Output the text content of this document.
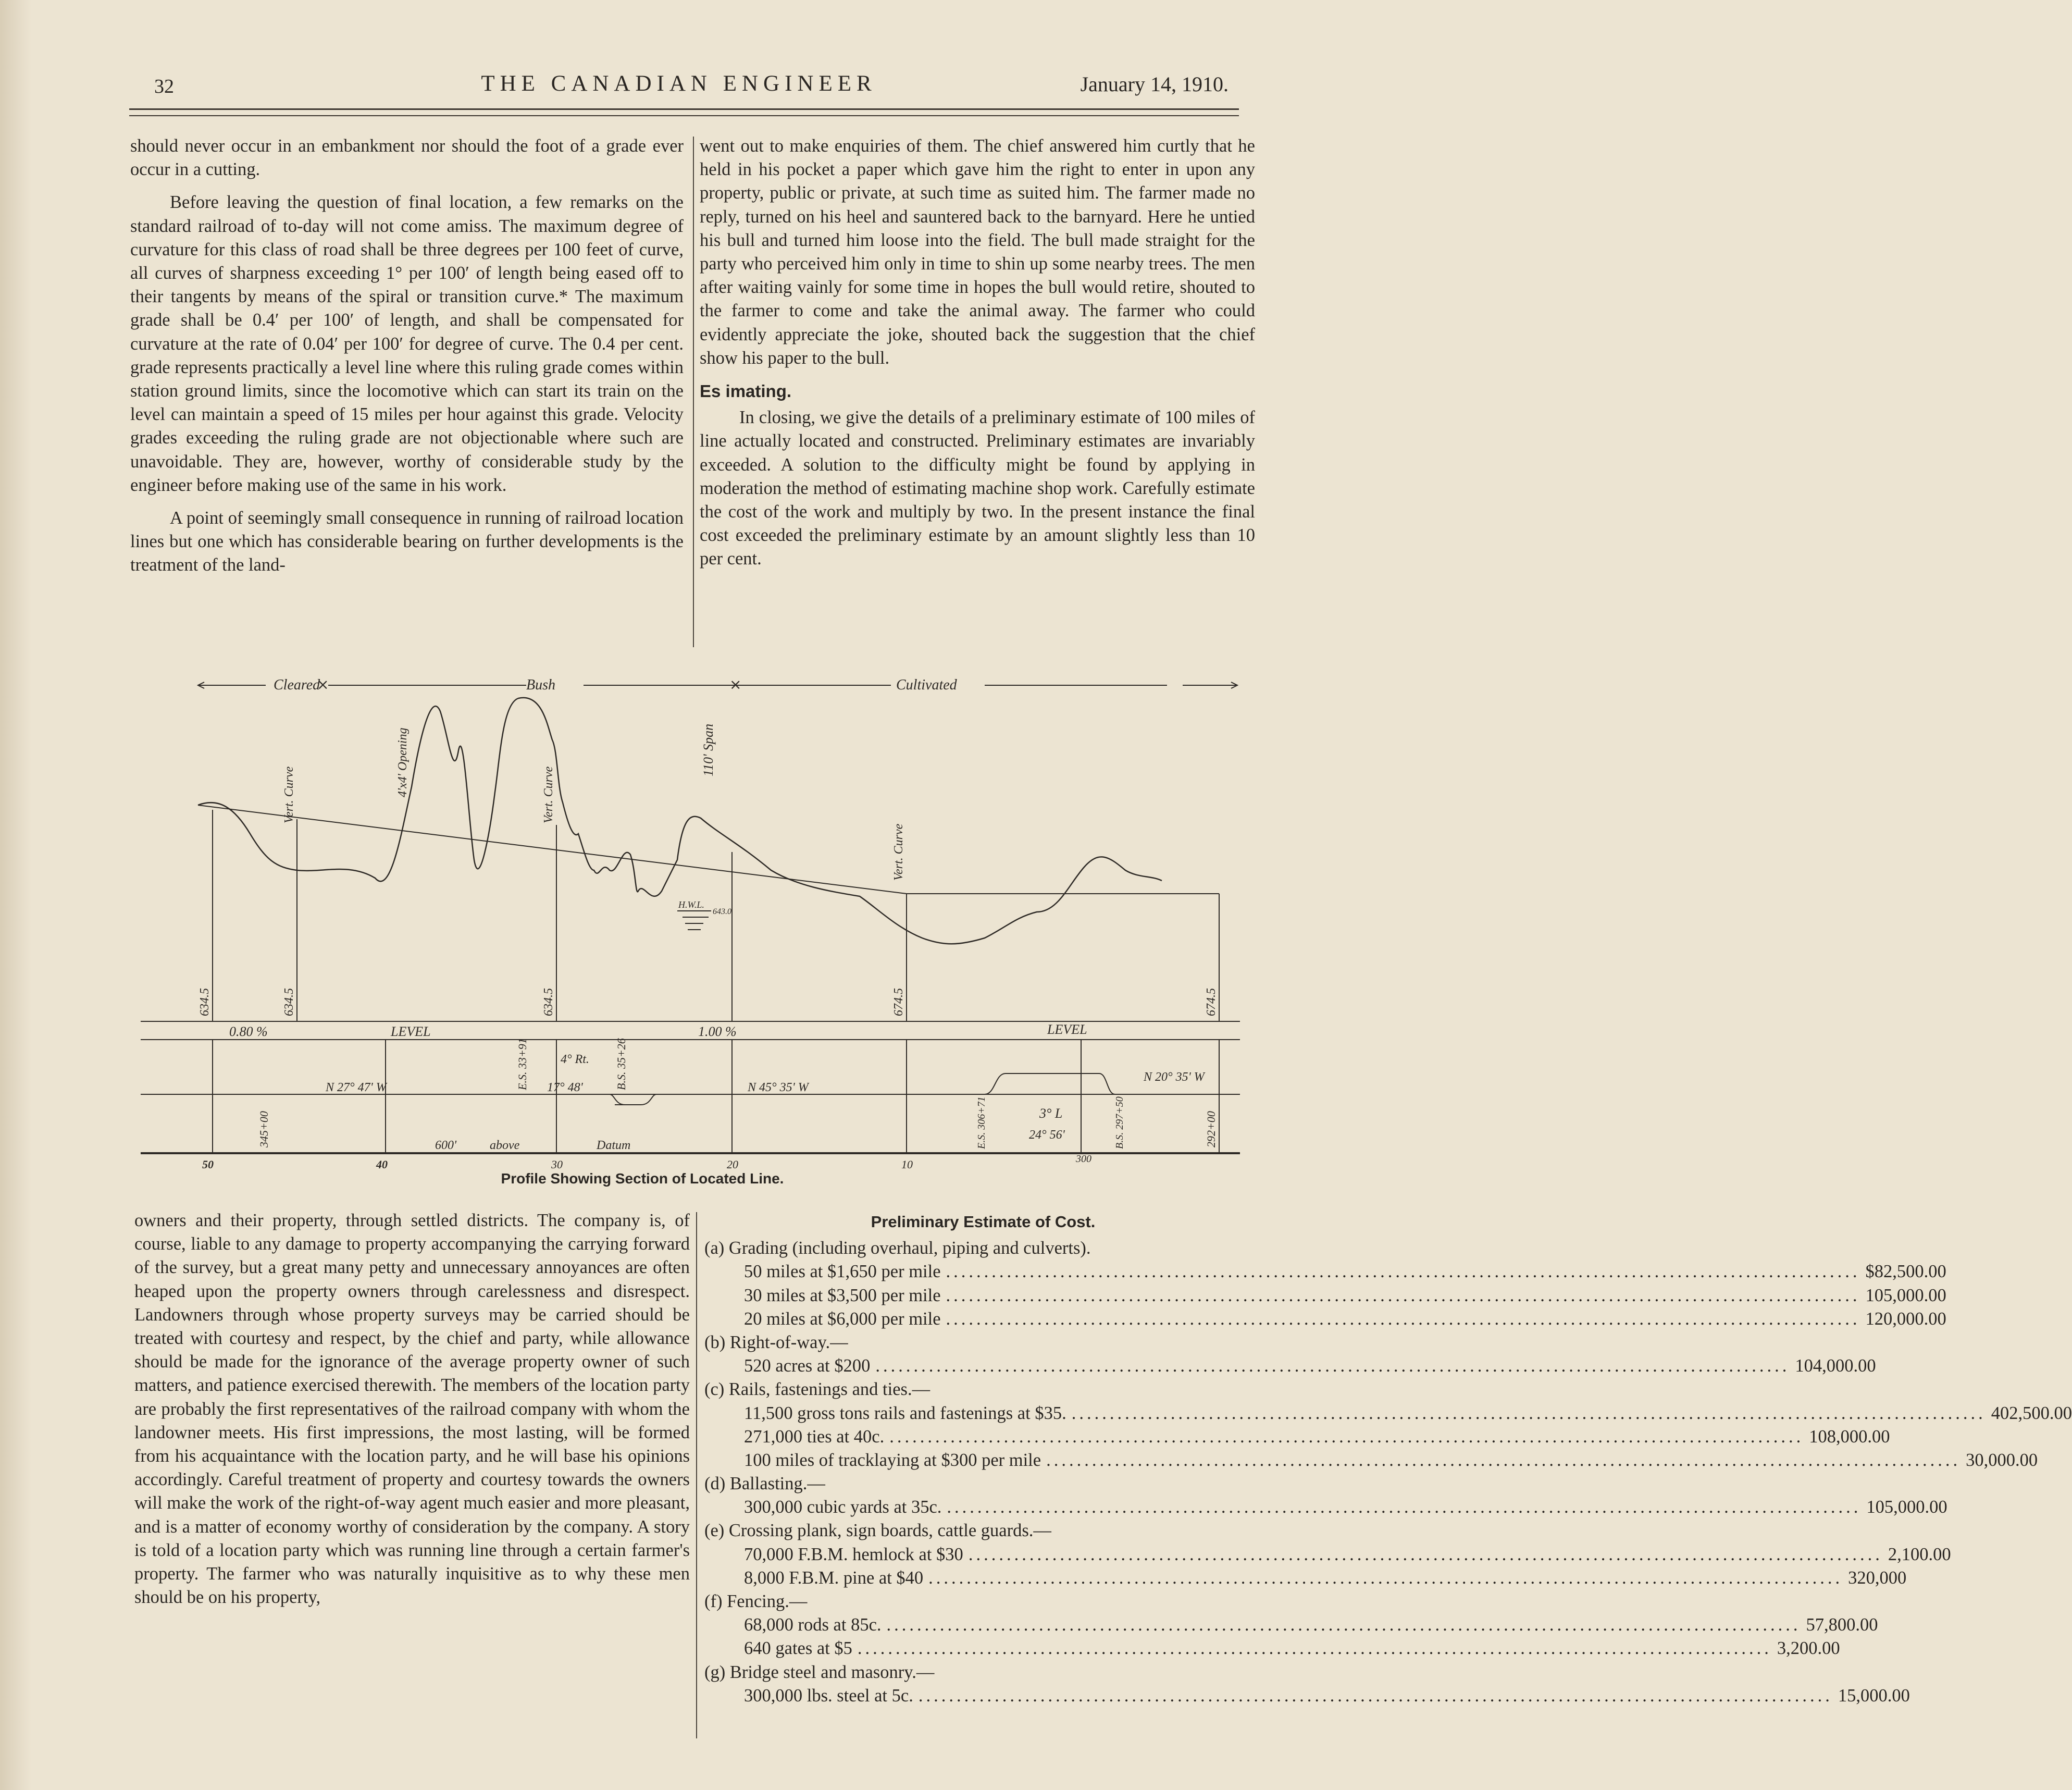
32	THE CANADIAN ENGINEER	January 14, 1910.

should never occur in an embankment nor should the foot of a grade ever occur in a cutting.

Before leaving the question of final location, a few remarks on the standard railroad of to-day will not come amiss. The maximum degree of curvature for this class of road shall be three degrees per 100 feet of curve, all curves of sharpness exceeding 1° per 100′ of length being eased off to their tangents by means of the spiral or transition curve.* The maximum grade shall be 0.4′ per 100′ of length, and shall be compensated for curvature at the rate of 0.04′ per 100′ for degree of curve. The 0.4 per cent. grade represents practically a level line where this ruling grade comes within station ground limits, since the locomotive which can start its train on the level can maintain a speed of 15 miles per hour against this grade. Velocity grades exceeding the ruling grade are not objectionable where such are unavoidable. They are, however, worthy of considerable study by the engineer before making use of the same in his work.

A point of seemingly small consequence in running of railroad location lines but one which has considerable bearing on further developments is the treatment of the land-

went out to make enquiries of them. The chief answered him curtly that he held in his pocket a paper which gave him the right to enter in upon any property, public or private, at such time as suited him. The farmer made no reply, turned on his heel and sauntered back to the barnyard. Here he untied his bull and turned him loose into the field. The bull made straight for the party who perceived him only in time to shin up some nearby trees. The men after waiting vainly for some time in hopes the bull would retire, shouted to the farmer to come and take the animal away. The farmer who could evidently appreciate the joke, shouted back the suggestion that the chief show his paper to the bull.

Es imating.

In closing, we give the details of a preliminary estimate of 100 miles of line actually located and constructed. Preliminary estimates are invariably exceeded. A solution to the difficulty might be found by applying in moderation the method of estimating machine shop work. Carefully estimate the cost of the work and multiply by two. In the present instance the final cost exceeded the preliminary estimate by an amount slightly less than 10 per cent.

Cleared	Bush	Cultivated
⨯	⨯
Vert. Curve	4'x4' Opening	Vert. Curve
110' Span
Vert. Curve
H.W.L.
643.0
634.5	634.5	634.5	674.5	674.5
0.80 %	LEVEL	1.00 %	LEVEL
E.S. 33+91	B.S. 35+26
4° Rt.
17° 48'
N 27° 47' W	N 45° 35' W
N 20° 35' W
345+00	292+00
E.S. 306+71	B.S. 297+50
3° L
24° 56'
600'	above	Datum
50	40	30	20	10	300
Profile Showing Section of Located Line.

owners and their property, through settled districts. The company is, of course, liable to any damage to property accompanying the carrying forward of the survey, but a great many petty and unnecessary annoyances are often heaped upon the property owners through carelessness and disrespect. Landowners through whose property surveys may be carried should be treated with courtesy and respect, by the chief and party, while allowance should be made for the ignorance of the average property owner of such matters, and patience exercised therewith. The members of the location party are probably the first representatives of the railroad company with whom the landowner meets. His first impressions, the most lasting, will be formed from his acquaintance with the location party, and he will base his opinions accordingly. Careful treatment of property and courtesy towards the owners will make the work of the right-of-way agent much easier and more pleasant, and is a matter of economy worthy of consideration by the company. A story is told of a location party which was running line through a certain farmer's property. The farmer who was naturally inquisitive as to why these men should be on his property,

Preliminary Estimate of Cost.
(a) Grading (including overhaul, piping and culverts).
50 miles at $1,650 per mile ........................................................................................................................ $82,500.00
30 miles at $3,500 per mile ........................................................................................................................ 105,000.00
20 miles at $6,000 per mile ........................................................................................................................ 120,000.00
(b) Right-of-way.—
520 acres at $200 ........................................................................................................................ 104,000.00
(c) Rails, fastenings and ties.—
11,500 gross tons rails and fastenings at $35. ........................................................................................................................ 402,500.00
271,000 ties at 40c. ........................................................................................................................ 108,000.00
100 miles of tracklaying at $300 per mile ........................................................................................................................ 30,000.00
(d) Ballasting.—
300,000 cubic yards at 35c. ........................................................................................................................ 105,000.00
(e) Crossing plank, sign boards, cattle guards.—
70,000 F.B.M. hemlock at $30 ........................................................................................................................ 2,100.00
8,000 F.B.M. pine at $40 ........................................................................................................................ 320,000
(f) Fencing.—
68,000 rods at 85c. ........................................................................................................................ 57,800.00
640 gates at $5 ........................................................................................................................ 3,200.00
(g) Bridge steel and masonry.—
300,000 lbs. steel at 5c. ........................................................................................................................ 15,000.00
